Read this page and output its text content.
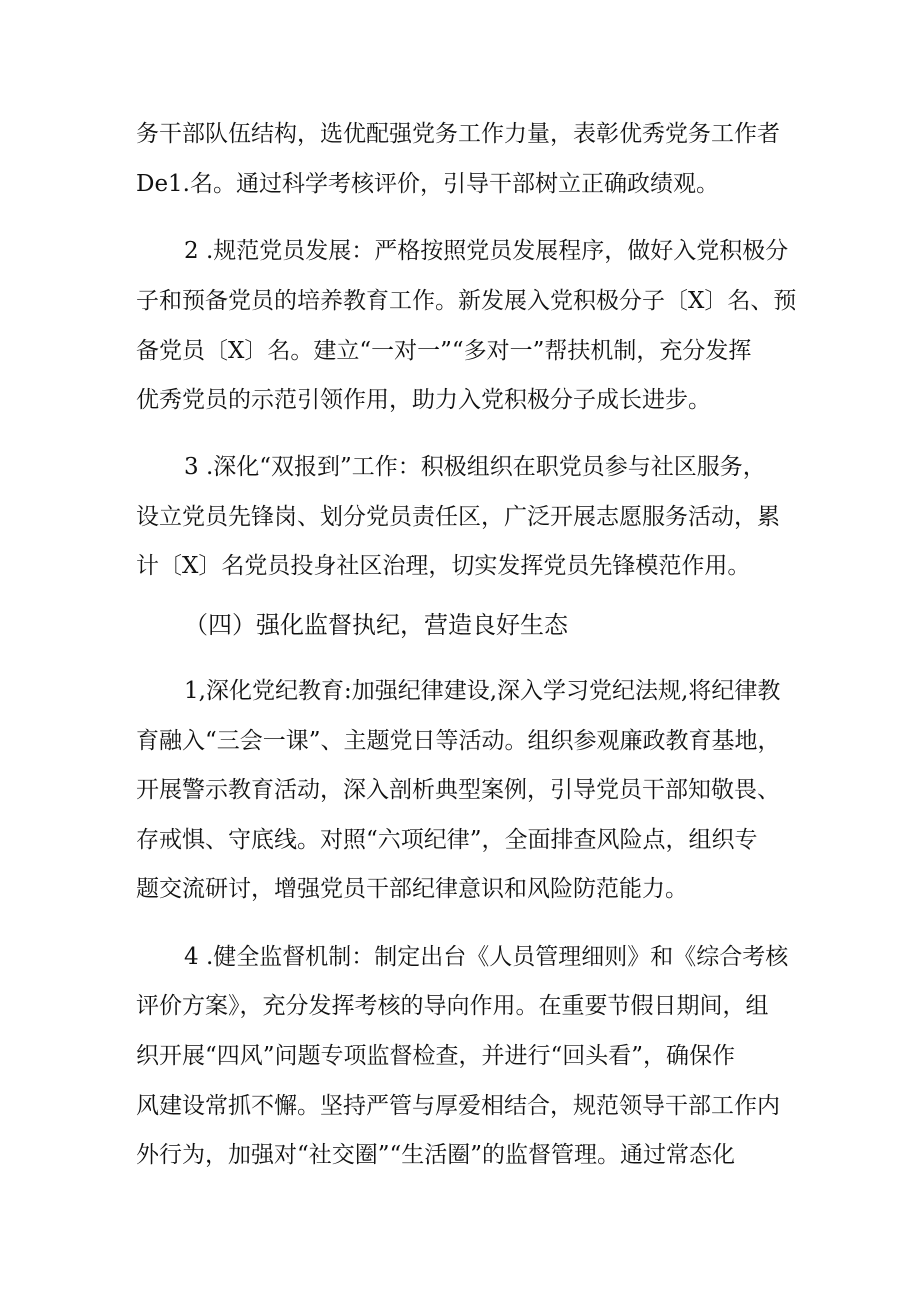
务干部队伍结构，选优配强党务工作力量，表彰优秀党务工作者
De1.名。通过科学考核评价，引导干部树立正确政绩观。
2 .规范党员发展：严格按照党员发展程序，做好入党积极分
子和预备党员的培养教育工作。新发展入党积极分子〔X〕名、预
备党员〔X〕名。建立“一对一”“多对一”帮扶机制，充分发挥
优秀党员的示范引领作用，助力入党积极分子成长进步。
3 .深化“双报到”工作：积极组织在职党员参与社区服务，
设立党员先锋岗、划分党员责任区，广泛开展志愿服务活动，累
计〔X〕名党员投身社区治理，切实发挥党员先锋模范作用。
（四）强化监督执纪，营造良好生态
1,深化党纪教育:加强纪律建设,深入学习党纪法规,将纪律教
育融入“三会一课”、主题党日等活动。组织参观廉政教育基地，
开展警示教育活动，深入剖析典型案例，引导党员干部知敬畏、
存戒惧、守底线。对照“六项纪律”，全面排查风险点，组织专
题交流研讨，增强党员干部纪律意识和风险防范能力。
4 .健全监督机制：制定出台《人员管理细则》和《综合考核
评价方案》，充分发挥考核的导向作用。在重要节假日期间，组
织开展“四风”问题专项监督检查，并进行“回头看”，确保作
风建设常抓不懈。坚持严管与厚爱相结合，规范领导干部工作内
外行为，加强对“社交圈”“生活圈”的监督管理。通过常态化
